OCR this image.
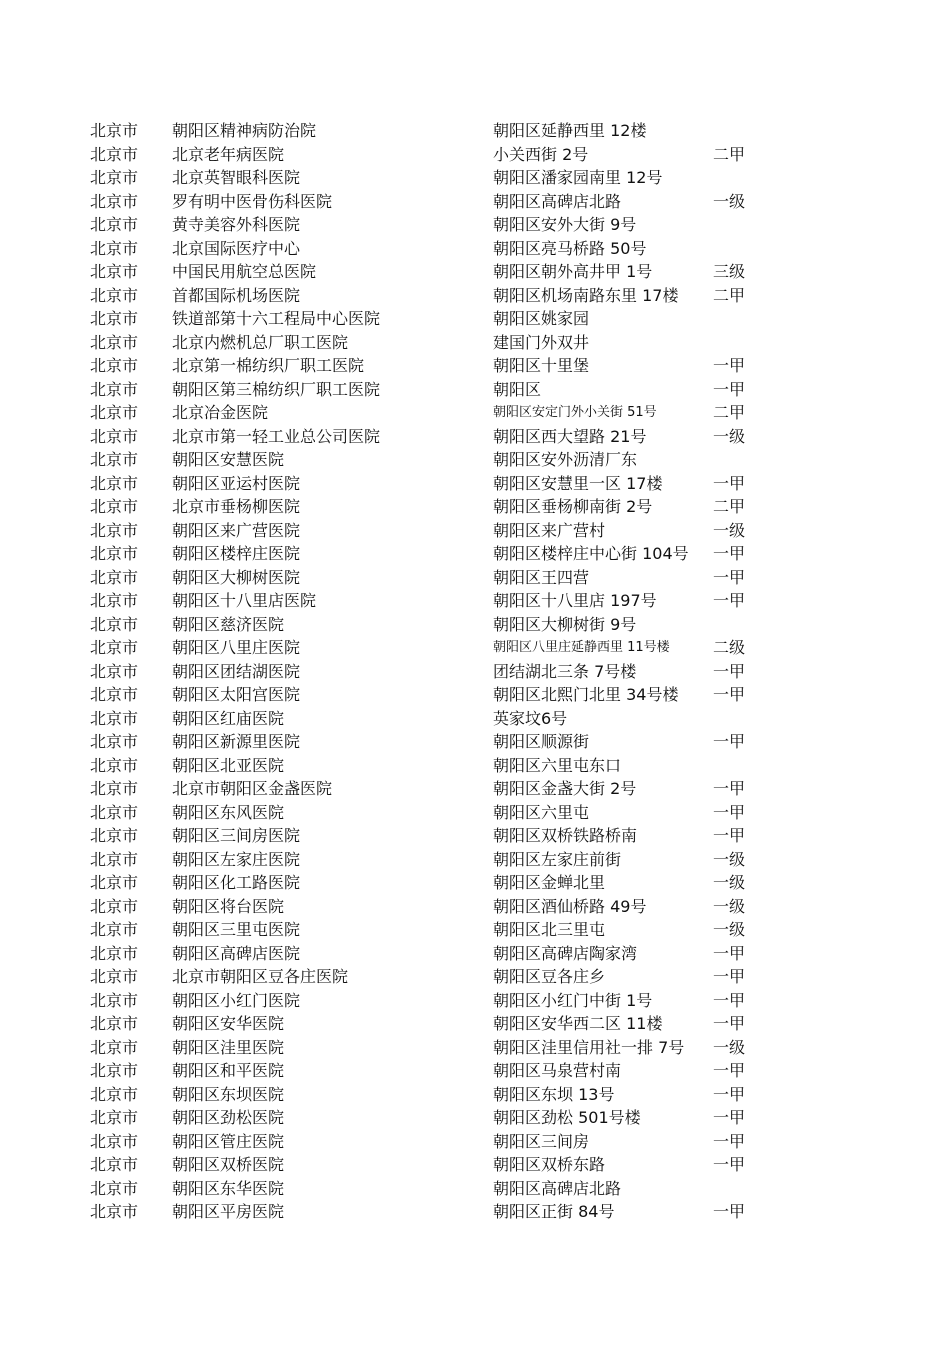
北京市 朝阳区精神病防治院	朝阳区延静西里 12楼
北京市 北京老年病医院	小关西街 2号	二甲
北京市 北京英智眼科医院	朝阳区潘家园南里 12号
北京市 罗有明中医骨伤科医院	朝阳区高碑店北路	一级
北京市 黄寺美容外科医院	朝阳区安外大街 9号
北京市 北京国际医疗中心	朝阳区亮马桥路 50号
北京市 中国民用航空总医院	朝阳区朝外高井甲 1号	三级
北京市 首都国际机场医院	朝阳区机场南路东里 17楼 二甲
北京市 铁道部第十六工程局中心医院	朝阳区姚家园
北京市 北京内燃机总厂职工医院	建国门外双井
北京市 北京第一棉纺织厂职工医院	朝阳区十里堡	一甲
北京市 朝阳区第三棉纺织厂职工医院	朝阳区	一甲
北京市 北京冶金医院	朝阳区安定门外小关街 51号	二甲
北京市 北京市第一轻工业总公司医院	朝阳区西大望路 21号	一级
北京市 朝阳区安慧医院	朝阳区安外沥清厂东
北京市 朝阳区亚运村医院	朝阳区安慧里一区 17楼	一甲
北京市 北京市垂杨柳医院	朝阳区垂杨柳南街 2号	二甲
北京市 朝阳区来广营医院	朝阳区来广营村	一级
北京市 朝阳区楼梓庄医院	朝阳区楼梓庄中心街 104号 一甲
北京市 朝阳区大柳树医院	朝阳区王四营	一甲
北京市 朝阳区十八里店医院	朝阳区十八里店 197号	一甲
北京市 朝阳区慈济医院	朝阳区大柳树街 9号
北京市 朝阳区八里庄医院	朝阳区八里庄延静西里 11号楼	二级
北京市 朝阳区团结湖医院	团结湖北三条 7号楼	一甲
北京市 朝阳区太阳宫医院	朝阳区北熙门北里 34号楼 一甲
北京市 朝阳区红庙医院	英家坟6号
北京市 朝阳区新源里医院	朝阳区顺源街	一甲
北京市 朝阳区北亚医院	朝阳区六里屯东口
北京市 北京市朝阳区金盏医院	朝阳区金盏大街 2号	一甲
北京市 朝阳区东风医院	朝阳区六里屯	一甲
北京市 朝阳区三间房医院	朝阳区双桥铁路桥南	一甲
北京市 朝阳区左家庄医院	朝阳区左家庄前街	一级
北京市 朝阳区化工路医院	朝阳区金蝉北里	一级
北京市 朝阳区将台医院	朝阳区酒仙桥路 49号	一级
北京市 朝阳区三里屯医院	朝阳区北三里屯	一级
北京市 朝阳区高碑店医院	朝阳区高碑店陶家湾	一甲
北京市 北京市朝阳区豆各庄医院	朝阳区豆各庄乡	一甲
北京市 朝阳区小红门医院	朝阳区小红门中街 1号	一甲
北京市 朝阳区安华医院	朝阳区安华西二区 11楼	一甲
北京市 朝阳区洼里医院	朝阳区洼里信用社一排 7号 一级
北京市 朝阳区和平医院	朝阳区马泉营村南	一甲
北京市 朝阳区东坝医院	朝阳区东坝 13号	一甲
北京市 朝阳区劲松医院	朝阳区劲松 501号楼	一甲
北京市 朝阳区管庄医院	朝阳区三间房	一甲
北京市 朝阳区双桥医院	朝阳区双桥东路	一甲
北京市 朝阳区东华医院	朝阳区高碑店北路
北京市 朝阳区平房医院	朝阳区正街 84号	一甲
